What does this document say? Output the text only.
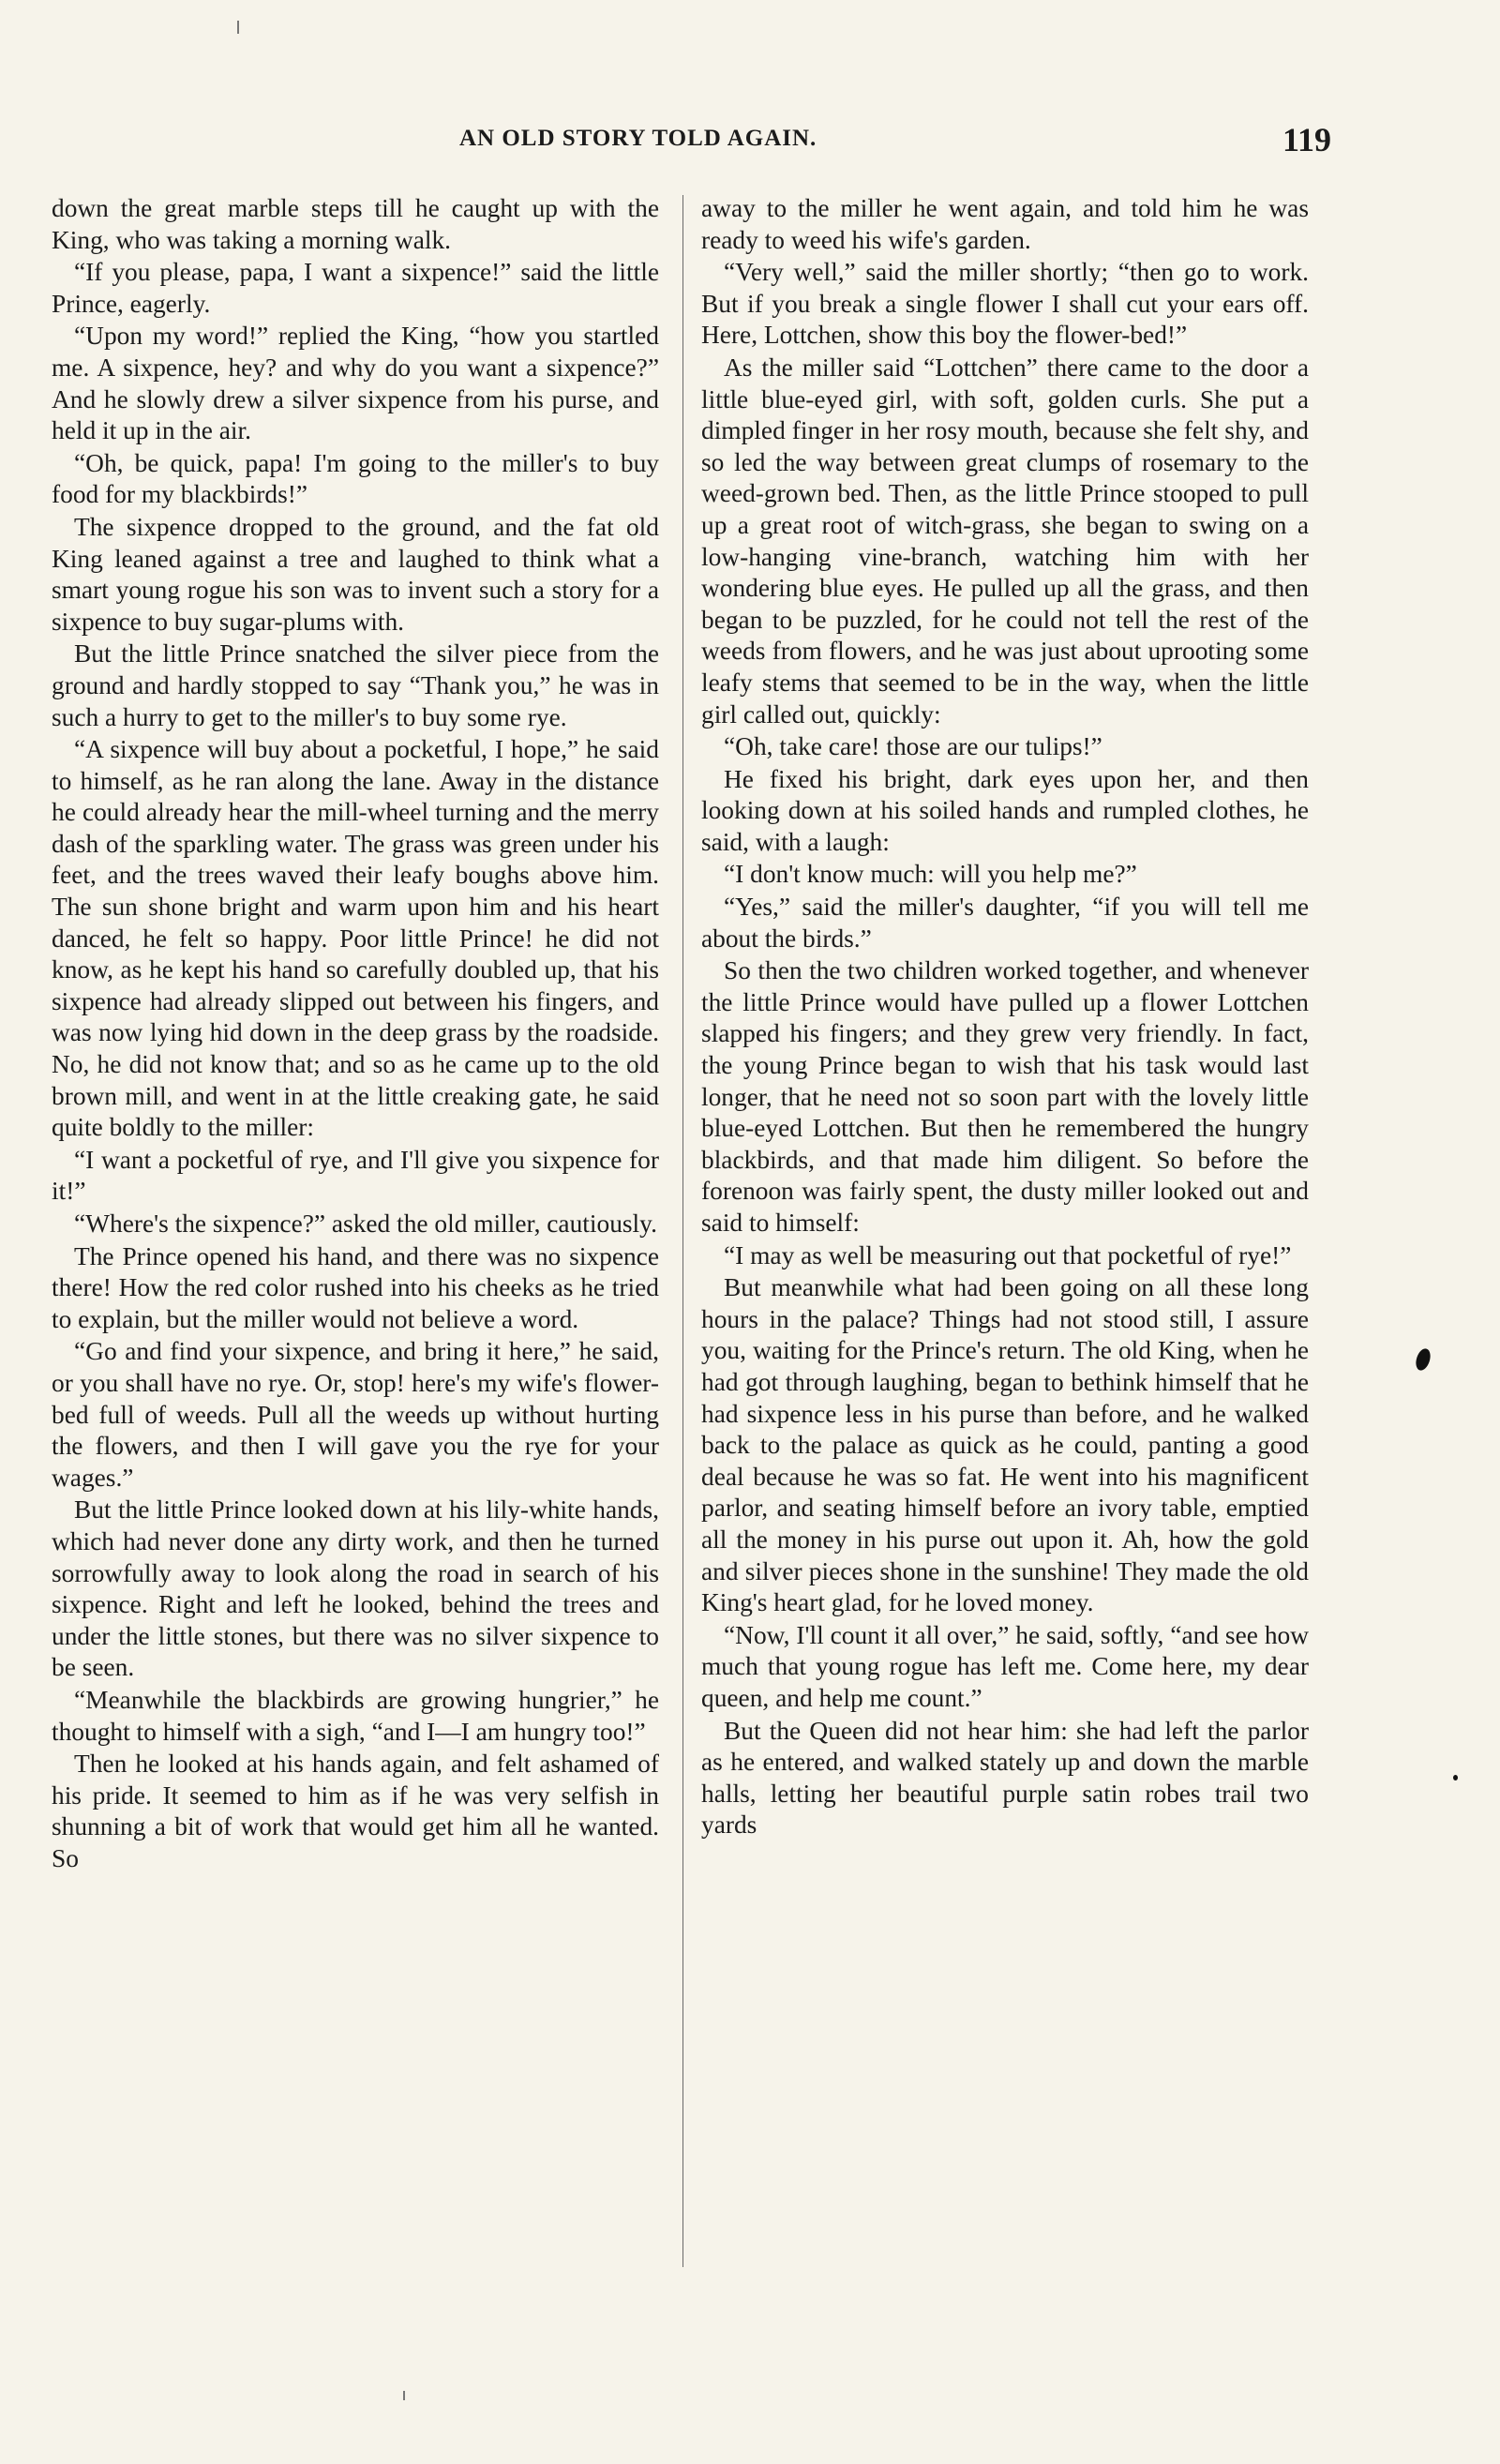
AN OLD STORY TOLD AGAIN.	119

down the great marble steps till he caught up with the King, who was taking a morning walk.

“If you please, papa, I want a sixpence!” said the little Prince, eagerly.

“Upon my word!” replied the King, “how you startled me. A sixpence, hey? and why do you want a sixpence?” And he slowly drew a silver sixpence from his purse, and held it up in the air.

“Oh, be quick, papa! I'm going to the miller's to buy food for my blackbirds!”

The sixpence dropped to the ground, and the fat old King leaned against a tree and laughed to think what a smart young rogue his son was to invent such a story for a sixpence to buy sugar-plums with.

But the little Prince snatched the silver piece from the ground and hardly stopped to say “Thank you,” he was in such a hurry to get to the miller's to buy some rye.

“A sixpence will buy about a pocketful, I hope,” he said to himself, as he ran along the lane. Away in the distance he could already hear the mill-wheel turning and the merry dash of the sparkling water. The grass was green under his feet, and the trees waved their leafy boughs above him. The sun shone bright and warm upon him and his heart danced, he felt so happy. Poor little Prince! he did not know, as he kept his hand so carefully doubled up, that his sixpence had already slipped out between his fingers, and was now lying hid down in the deep grass by the roadside. No, he did not know that; and so as he came up to the old brown mill, and went in at the little creaking gate, he said quite boldly to the miller:

“I want a pocketful of rye, and I'll give you sixpence for it!”

“Where's the sixpence?” asked the old miller, cautiously.

The Prince opened his hand, and there was no sixpence there! How the red color rushed into his cheeks as he tried to explain, but the miller would not believe a word.

“Go and find your sixpence, and bring it here,” he said, or you shall have no rye. Or, stop! here's my wife's flower-bed full of weeds. Pull all the weeds up without hurting the flowers, and then I will gave you the rye for your wages.”

But the little Prince looked down at his lily-white hands, which had never done any dirty work, and then he turned sorrowfully away to look along the road in search of his sixpence. Right and left he looked, behind the trees and under the little stones, but there was no silver sixpence to be seen.

“Meanwhile the blackbirds are growing hungrier,” he thought to himself with a sigh, “and I—I am hungry too!”

Then he looked at his hands again, and felt ashamed of his pride. It seemed to him as if he was very selfish in shunning a bit of work that would get him all he wanted. So

away to the miller he went again, and told him he was ready to weed his wife's garden.

“Very well,” said the miller shortly; “then go to work. But if you break a single flower I shall cut your ears off. Here, Lottchen, show this boy the flower-bed!”

As the miller said “Lottchen” there came to the door a little blue-eyed girl, with soft, golden curls. She put a dimpled finger in her rosy mouth, because she felt shy, and so led the way between great clumps of rosemary to the weed-grown bed. Then, as the little Prince stooped to pull up a great root of witch-grass, she began to swing on a low-hanging vine-branch, watching him with her wondering blue eyes. He pulled up all the grass, and then began to be puzzled, for he could not tell the rest of the weeds from flowers, and he was just about uprooting some leafy stems that seemed to be in the way, when the little girl called out, quickly:

“Oh, take care! those are our tulips!”

He fixed his bright, dark eyes upon her, and then looking down at his soiled hands and rumpled clothes, he said, with a laugh:

“I don't know much: will you help me?”

“Yes,” said the miller's daughter, “if you will tell me about the birds.”

So then the two children worked together, and whenever the little Prince would have pulled up a flower Lottchen slapped his fingers; and they grew very friendly. In fact, the young Prince began to wish that his task would last longer, that he need not so soon part with the lovely little blue-eyed Lottchen. But then he remembered the hungry blackbirds, and that made him diligent. So before the forenoon was fairly spent, the dusty miller looked out and said to himself:

“I may as well be measuring out that pocketful of rye!”

But meanwhile what had been going on all these long hours in the palace? Things had not stood still, I assure you, waiting for the Prince's return. The old King, when he had got through laughing, began to bethink himself that he had sixpence less in his purse than before, and he walked back to the palace as quick as he could, panting a good deal because he was so fat. He went into his magnificent parlor, and seating himself before an ivory table, emptied all the money in his purse out upon it. Ah, how the gold and silver pieces shone in the sunshine! They made the old King's heart glad, for he loved money.

“Now, I'll count it all over,” he said, softly, “and see how much that young rogue has left me. Come here, my dear queen, and help me count.”

But the Queen did not hear him: she had left the parlor as he entered, and walked stately up and down the marble halls, letting her beautiful purple satin robes trail two yards
